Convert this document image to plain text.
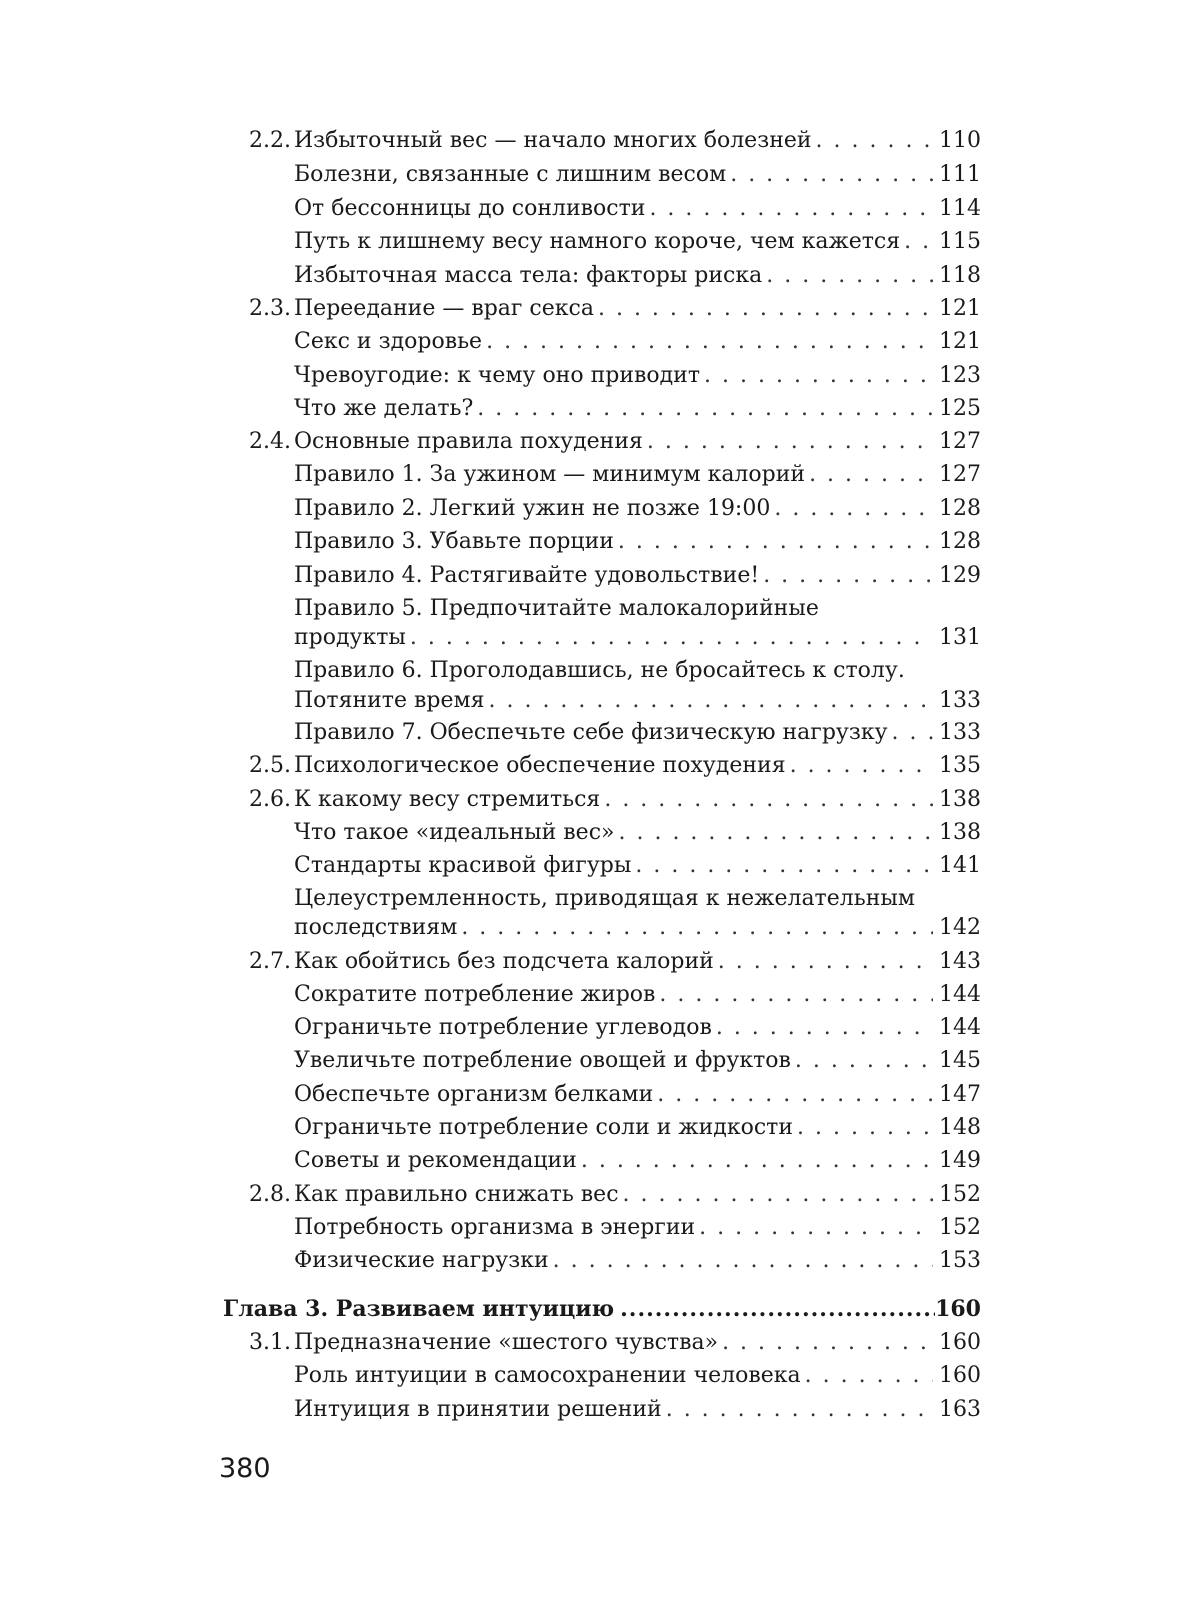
2.2. Избыточный вес — начало многих болезней . . .	110
Болезни, связанные с лишним весом . . .	111
От бессонницы до сонливости . . .	114
Путь к лишнему весу намного короче, чем кажется . . . 115
Избыточная масса тела: факторы риска . . .	118
2.3. Переедание — враг секса . . .	121
Секс и здоровье . . .	121
Чревоугодие: к чему оно приводит . . .	123
Что же делать? . . .	125
2.4. Основные правила похудения . . .	127
Правило 1. За ужином — минимум калорий . . .	127
Правило 2. Легкий ужин не позже 19:00 . . .	128
Правило 3. Убавьте порции . . .	128
Правило 4. Растягивайте удовольствие! . . .	129
Правило 5. Предпочитайте малокалорийные
продукты . . .	131
Правило 6. Проголодавшись, не бросайтесь к столу.
Потяните время . . .	133
Правило 7. Обеспечьте себе физическую нагрузку . . . 133
2.5. Психологическое обеспечение похудения . . .	135
2.6. К какому весу стремиться . . .	138
Что такое «идеальный вес» . . .	138
Стандарты красивой фигуры . . .	141
Целеустремленность, приводящая к нежелательным
последствиям . . .	142
2.7. Как обойтись без подсчета калорий . . .	143
Сократите потребление жиров . . .	144
Ограничьте потребление углеводов . . .	144
Увеличьте потребление овощей и фруктов . . .	145
Обеспечьте организм белками . . .	147
Ограничьте потребление соли и жидкости . . .	148
Советы и рекомендации . . .	149
2.8. Как правильно снижать вес . . .	152
Потребность организма в энергии . . .	152
Физические нагрузки . . .	153
Глава 3. Развиваем интуицию .....	160
3.1. Предназначение «шестого чувства» . . .	160
Роль интуиции в самосохранении человека . . .	160
Интуиция в принятии решений . . .	163
380
